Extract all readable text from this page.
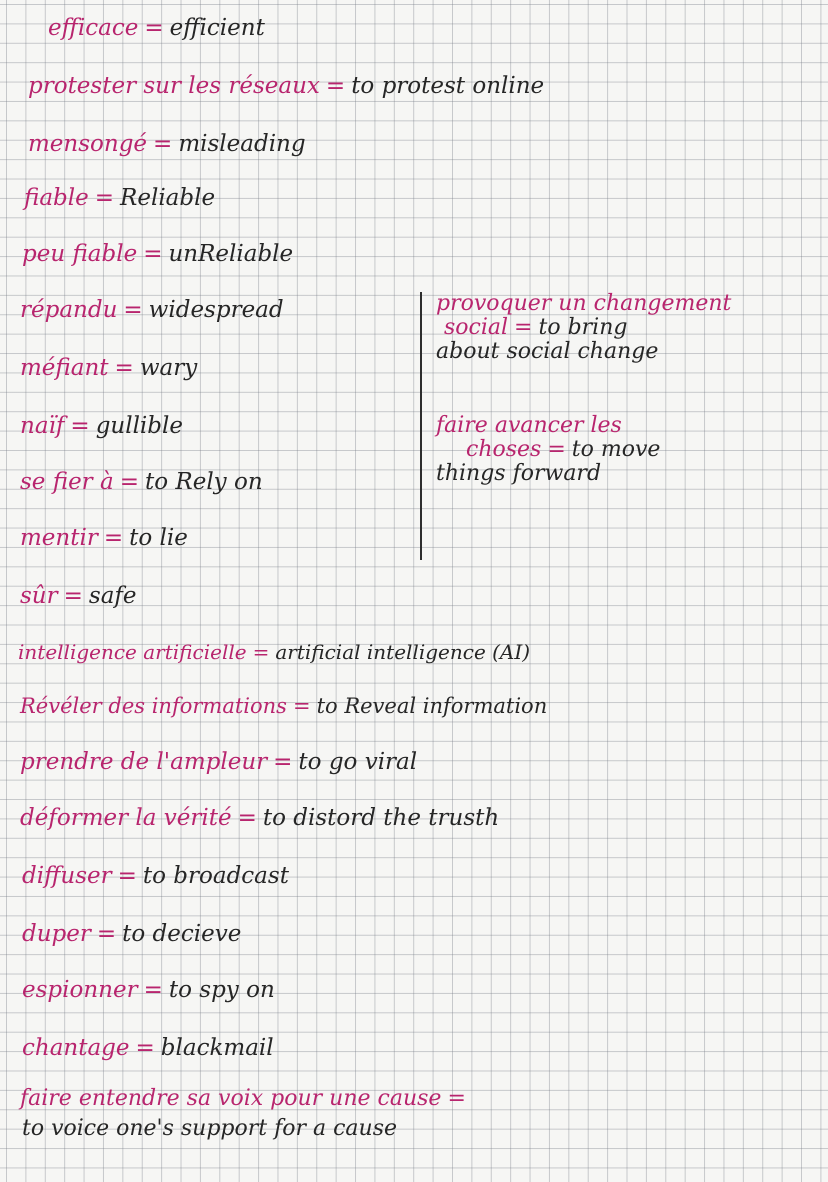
efficace = efficient
protester sur les réseaux = to protest online
mensongé = misleading
fiable = Reliable
peu fiable = unReliable
répandu = widespread
méfiant = wary
naïf = gullible
se fier à = to Rely on
mentir = to lie
sûr = safe
intelligence artificielle = artificial intelligence (AI)
Révéler des informations = to Reveal information
prendre de l'ampleur = to go viral
déformer la vérité = to distord the trusth
diffuser = to broadcast
duper = to decieve
espionner = to spy on
chantage = blackmail
provoquer un changement
social = to bring
about social change
faire avancer les
choses = to move
things forward
faire entendre sa voix pour une cause =
to voice one's support for a cause
